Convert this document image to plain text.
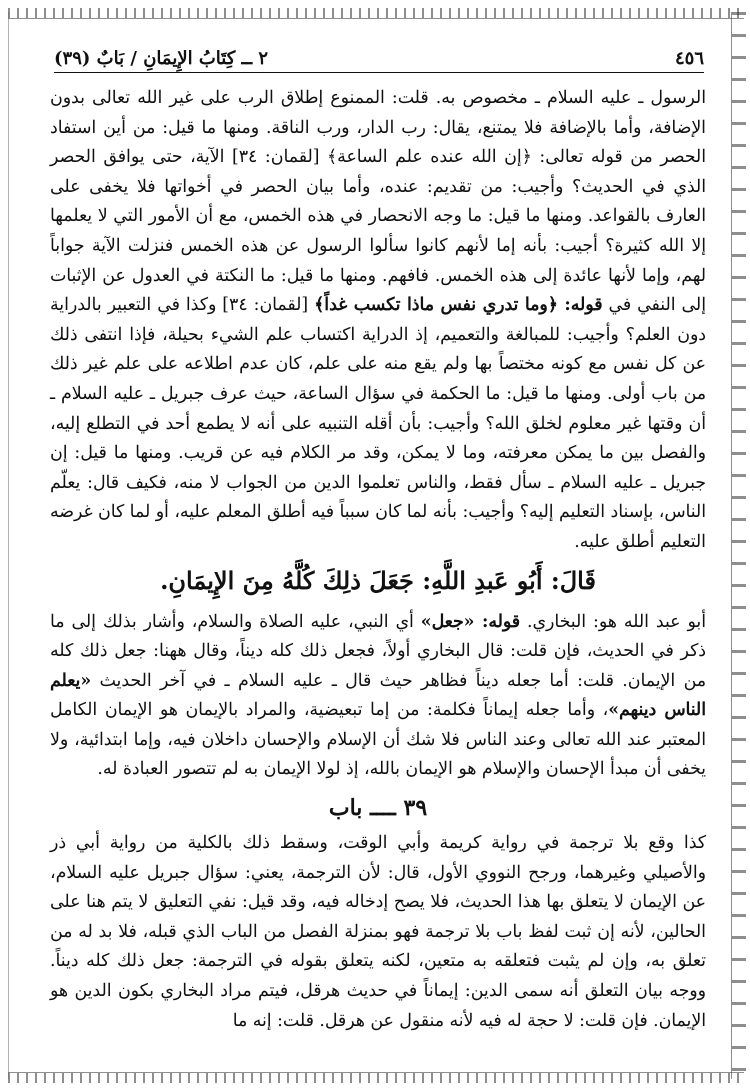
٤٥٦
٢ ــ كِتَابُ الإِيمَانِ / بَابٌ (٣٩)

الرسول ـ عليه السلام ـ مخصوص به. قلت: الممنوع إطلاق الرب على غير الله تعالى بدون الإضافة، وأما بالإضافة فلا يمتنع، يقال: رب الدار، ورب الناقة. ومنها ما قيل: من أين استفاد الحصر من قوله تعالى: ﴿إن الله عنده علم الساعة﴾ [لقمان: ٣٤] الآية، حتى يوافق الحصر الذي في الحديث؟ وأجيب: من تقديم: عنده، وأما بيان الحصر في أخواتها فلا يخفى على العارف بالقواعد. ومنها ما قيل: ما وجه الانحصار في هذه الخمس، مع أن الأمور التي لا يعلمها إلا الله كثيرة؟ أجيب: بأنه إما لأنهم كانوا سألوا الرسول عن هذه الخمس فنزلت الآية جواباً لهم، وإما لأنها عائدة إلى هذه الخمس. فافهم. ومنها ما قيل: ما النكتة في العدول عن الإثبات إلى النفي في قوله: ﴿وما تدري نفس ماذا تكسب غداً﴾ [لقمان: ٣٤] وكذا في التعبير بالدراية دون العلم؟ وأجيب: للمبالغة والتعميم، إذ الدراية اكتساب علم الشيء بحيلة، فإذا انتفى ذلك عن كل نفس مع كونه مختصاً بها ولم يقع منه على علم، كان عدم اطلاعه على علم غير ذلك من باب أولى. ومنها ما قيل: ما الحكمة في سؤال الساعة، حيث عرف جبريل ـ عليه السلام ـ أن وقتها غير معلوم لخلق الله؟ وأجيب: بأن أقله التنبيه على أنه لا يطمع أحد في التطلع إليه، والفصل بين ما يمكن معرفته، وما لا يمكن، وقد مر الكلام فيه عن قريب. ومنها ما قيل: إن جبريل ـ عليه السلام ـ سأل فقط، والناس تعلموا الدين من الجواب لا منه، فكيف قال: يعلّم الناس، بإسناد التعليم إليه؟ وأجيب: بأنه لما كان سبباً فيه أطلق المعلم عليه، أو لما كان غرضه التعليم أطلق عليه.

قَالَ: أَبُو عَبدِ اللَّهِ: جَعَلَ ذلِكَ كُلَّهُ مِنَ الإِيمَانِ.

أبو عبد الله هو: البخاري. قوله: «جعل» أي النبي، عليه الصلاة والسلام، وأشار بذلك إلى ما ذكر في الحديث، فإن قلت: قال البخاري أولاً، فجعل ذلك كله ديناً، وقال ههنا: جعل ذلك كله من الإيمان. قلت: أما جعله ديناً فظاهر حيث قال ـ عليه السلام ـ في آخر الحديث «يعلم الناس دينهم»، وأما جعله إيماناً فكلمة: من إما تبعيضية، والمراد بالإيمان هو الإيمان الكامل المعتبر عند الله تعالى وعند الناس فلا شك أن الإسلام والإحسان داخلان فيه، وإما ابتدائية، ولا يخفى أن مبدأ الإحسان والإسلام هو الإيمان بالله، إذ لولا الإيمان به لم تتصور العبادة له.

٣٩ ــــ باب

كذا وقع بلا ترجمة في رواية كريمة وأبي الوقت، وسقط ذلك بالكلية من رواية أبي ذر والأصيلي وغيرهما، ورجح النووي الأول، قال: لأن الترجمة، يعني: سؤال جبريل عليه السلام، عن الإيمان لا يتعلق بها هذا الحديث، فلا يصح إدخاله فيه، وقد قيل: نفي التعليق لا يتم هنا على الحالين، لأنه إن ثبت لفظ باب بلا ترجمة فهو بمنزلة الفصل من الباب الذي قبله، فلا بد له من تعلق به، وإن لم يثبت فتعلقه به متعين، لكنه يتعلق بقوله في الترجمة: جعل ذلك كله ديناً. ووجه بيان التعلق أنه سمى الدين: إيماناً في حديث هرقل، فيتم مراد البخاري بكون الدين هو الإيمان. فإن قلت: لا حجة له فيه لأنه منقول عن هرقل. قلت: إنه ما
